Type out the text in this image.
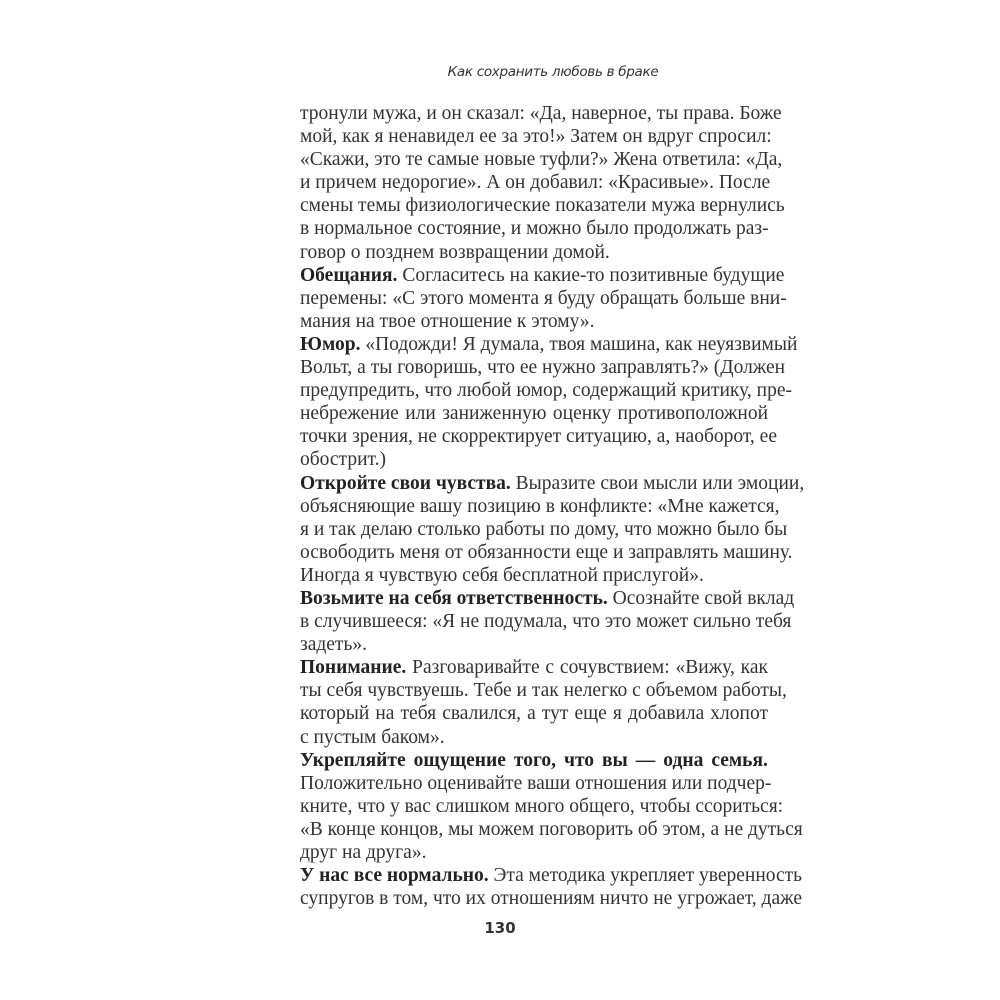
Как сохранить любовь в браке
тронули мужа, и он сказал: «Да, наверное, ты права. Боже
мой, как я ненавидел ее за это!» Затем он вдруг спросил:
«Скажи, это те самые новые туфли?» Жена ответила: «Да,
и причем недорогие». А он добавил: «Красивые». После
смены темы физиологические показатели мужа вернулись
в нормальное состояние, и можно было продолжать раз-
говор о позднем возвращении домой.
Обещания. Согласитесь на какие-то позитивные будущие
перемены: «С этого момента я буду обращать больше вни-
мания на твое отношение к этому».
Юмор. «Подожди! Я думала, твоя машина, как неуязвимый
Вольт, а ты говоришь, что ее нужно заправлять?» (Должен
предупредить, что любой юмор, содержащий критику, пре-
небрежение или заниженную оценку противоположной
точки зрения, не скорректирует ситуацию, а, наоборот, ее
обострит.)
Откройте свои чувства. Выразите свои мысли или эмоции,
объясняющие вашу позицию в конфликте: «Мне кажется,
я и так делаю столько работы по дому, что можно было бы
освободить меня от обязанности еще и заправлять машину.
Иногда я чувствую себя бесплатной прислугой».
Возьмите на себя ответственность. Осознайте свой вклад
в случившееся: «Я не подумала, что это может сильно тебя
задеть».
Понимание. Разговаривайте с сочувствием: «Вижу, как
ты себя чувствуешь. Тебе и так нелегко с объемом работы,
который на тебя свалился, а тут еще я добавила хлопот
с пустым баком».
Укрепляйте ощущение того, что вы — одна семья.
Положительно оценивайте ваши отношения или подчер-
кните, что у вас слишком много общего, чтобы ссориться:
«В конце концов, мы можем поговорить об этом, а не дуться
друг на друга».
У нас все нормально. Эта методика укрепляет уверенность
супругов в том, что их отношениям ничто не угрожает, даже
130
